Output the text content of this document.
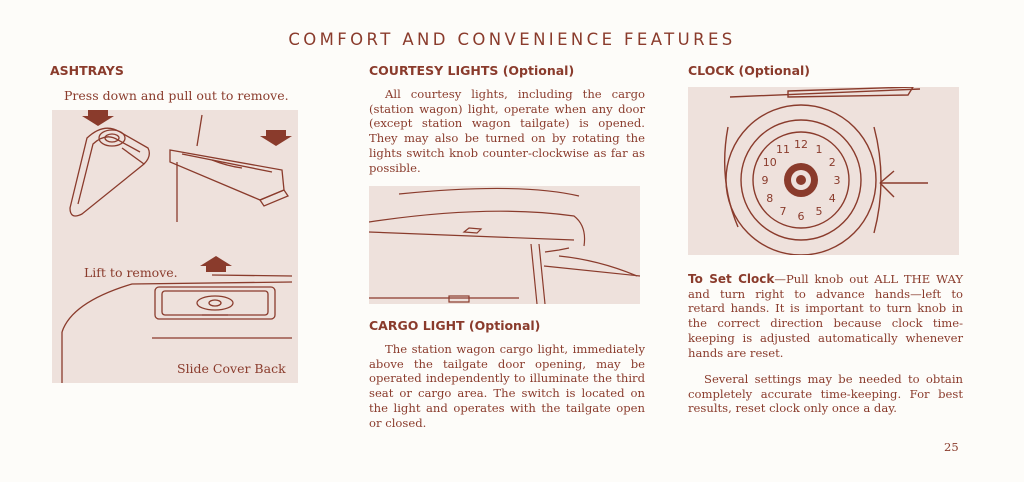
COMFORT AND CONVENIENCE FEATURES
ASHTRAYS
Press down and pull out to remove.
Lift to remove.
Slide Cover Back
COURTESY LIGHTS (Optional)

All courtesy lights, including the cargo (station wagon) light, operate when any door (except station wagon tailgate) is opened. They may also be turned on by rotating the lights switch knob counter-clockwise as far as possible.

CARGO LIGHT (Optional)

The station wagon cargo light, immediately above the tailgate door opening, may be operated independently to illuminate the third seat or cargo area. The switch is located on the light and operates with the tailgate open or closed.

CLOCK (Optional)
12 1
2
3
4
5
6
7
8
9
10
11

To Set Clock—Pull knob out ALL THE WAY and turn right to advance hands—left to retard hands. It is important to turn knob in the correct direction because clock time-keeping is adjusted automatically whenever hands are reset.

Several settings may be needed to obtain completely accurate time-keeping. For best results, reset clock only once a day.

25
